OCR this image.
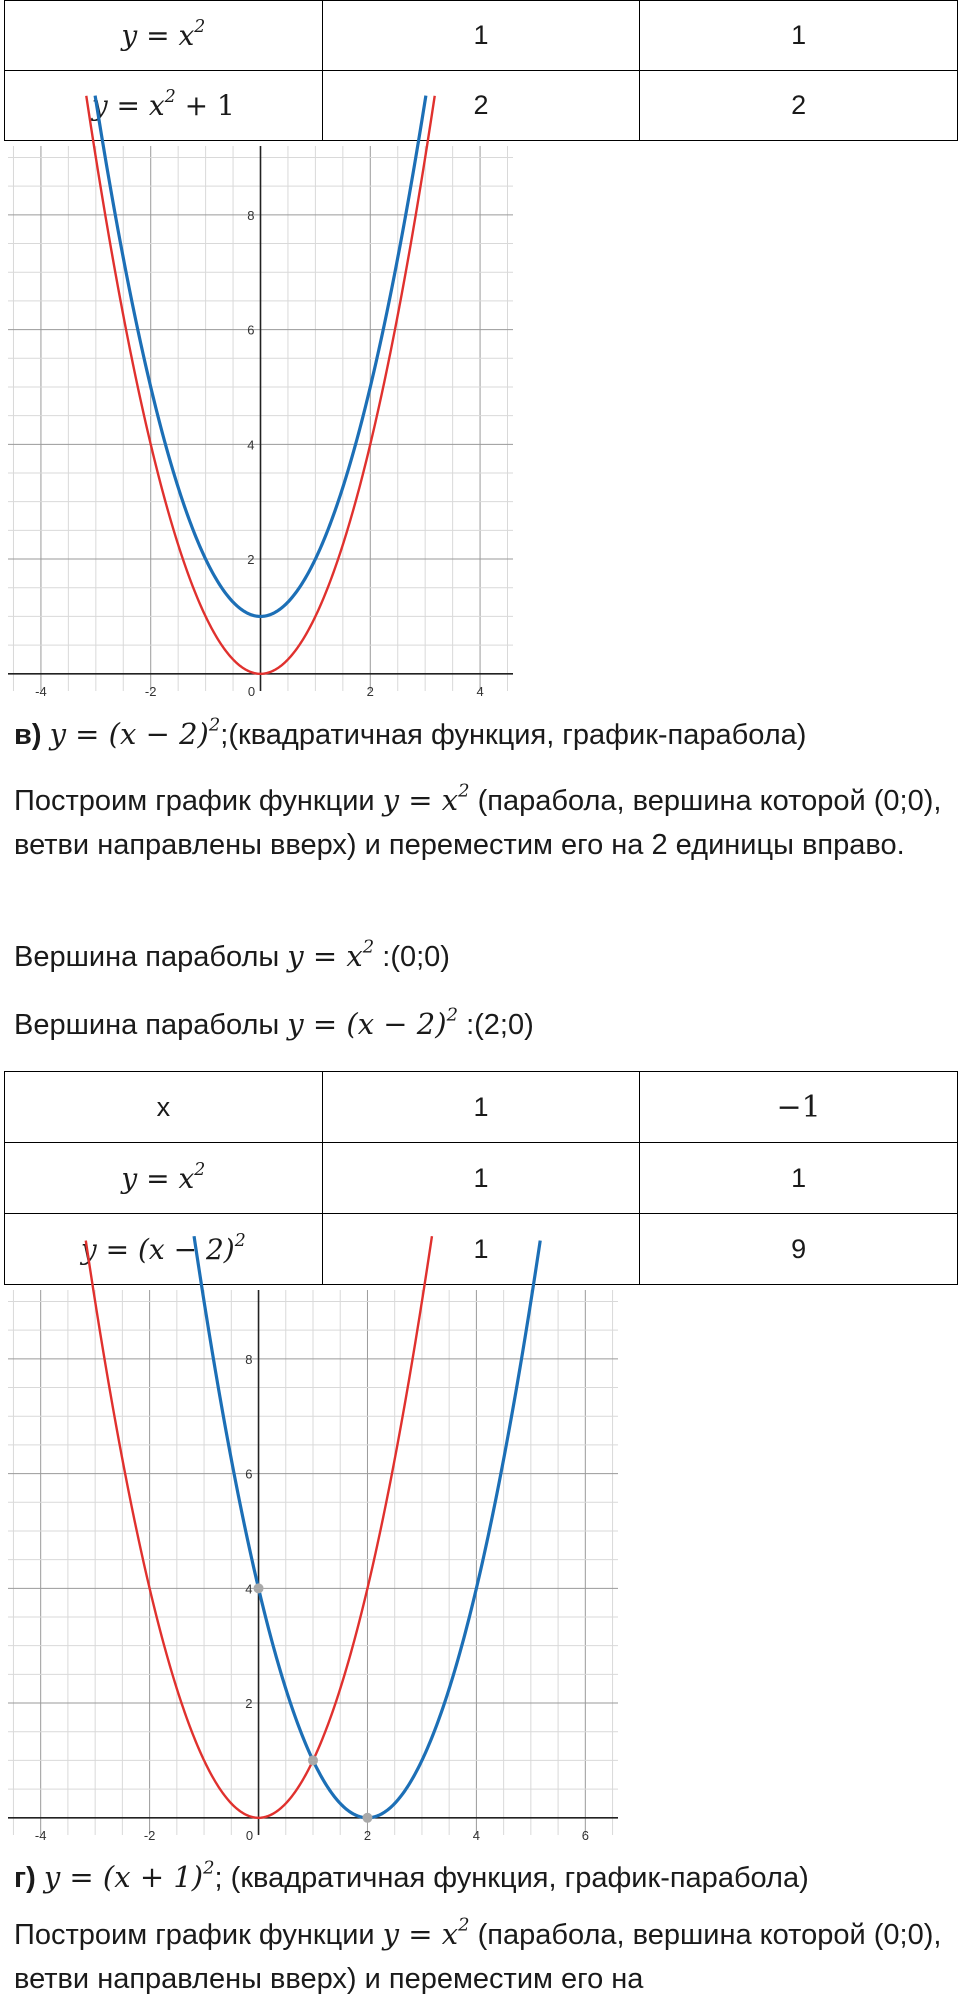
$y = x^2$	1	1
$y = x^2 + 1$	2	2
-4	-2	0	2	4
2
4
6
8
в) $y = (x - 2)^2;(квадратичная$ функция, график-парабола)
Построим график функции $y = x^2$ (парабола, вершина которой (0;0), ветви направлены вверх) и переместим его на 2 единицы вправо.
Вершина параболы $y = x^2$ :(0;0)
Вершина параболы $y = (x - 2)^2$ :(2;0)
x	1	−1
$y = x^2$	1	1
$y = (x - 2)^2$	1	9
-4	-2	0	2	4	6
2
4
6
8
г) $y = (x + 1)^2$; (квадратичная функция, график-парабола)
Построим график функции $y = x^2$ (парабола, вершина которой (0;0), ветви направлены вверх) и переместим его на
